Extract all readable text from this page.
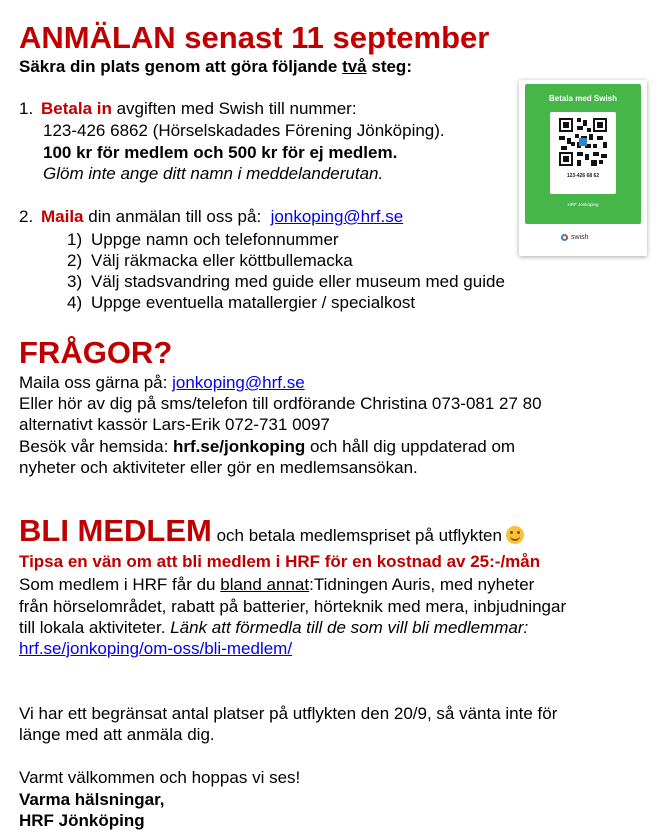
ANMÄLAN senast 11 september
Säkra din plats genom att göra följande två steg:
1. Betala in avgiften med Swish till nummer:
123-426 6862 (Hörselskadades Förening Jönköping).
100 kr för medlem och 500 kr för ej medlem.
Glöm inte ange ditt namn i meddelanderutan.
2. Maila din anmälan till oss på: jonkoping@hrf.se
1) Uppge namn och telefonnummer
2) Välj räkmacka eller köttbullemacka
3) Välj stadsvandring med guide eller museum med guide
4) Uppge eventuella matallergier / specialkost
Betala med Swish
123-426 68 62
HRF Jönköping
swish
FRÅGOR?
Maila oss gärna på: jonkoping@hrf.se
Eller hör av dig på sms/telefon till ordförande Christina 073-081 27 80
alternativt kassör Lars-Erik 072-731 0097
Besök vår hemsida: hrf.se/jonkoping och håll dig uppdaterad om
nyheter och aktiviteter eller gör en medlemsansökan.
BLI MEDLEM och betala medlemspriset på utflykten
Tipsa en vän om att bli medlem i HRF för en kostnad av 25:-/mån
Som medlem i HRF får du bland annat:Tidningen Auris, med nyheter
från hörselområdet, rabatt på batterier, hörteknik med mera, inbjudningar
till lokala aktiviteter. Länk att förmedla till de som vill bli medlemmar:
hrf.se/jonkoping/om-oss/bli-medlem/
Vi har ett begränsat antal platser på utflykten den 20/9, så vänta inte för
länge med att anmäla dig.
Varmt välkommen och hoppas vi ses!
Varma hälsningar,
HRF Jönköping
